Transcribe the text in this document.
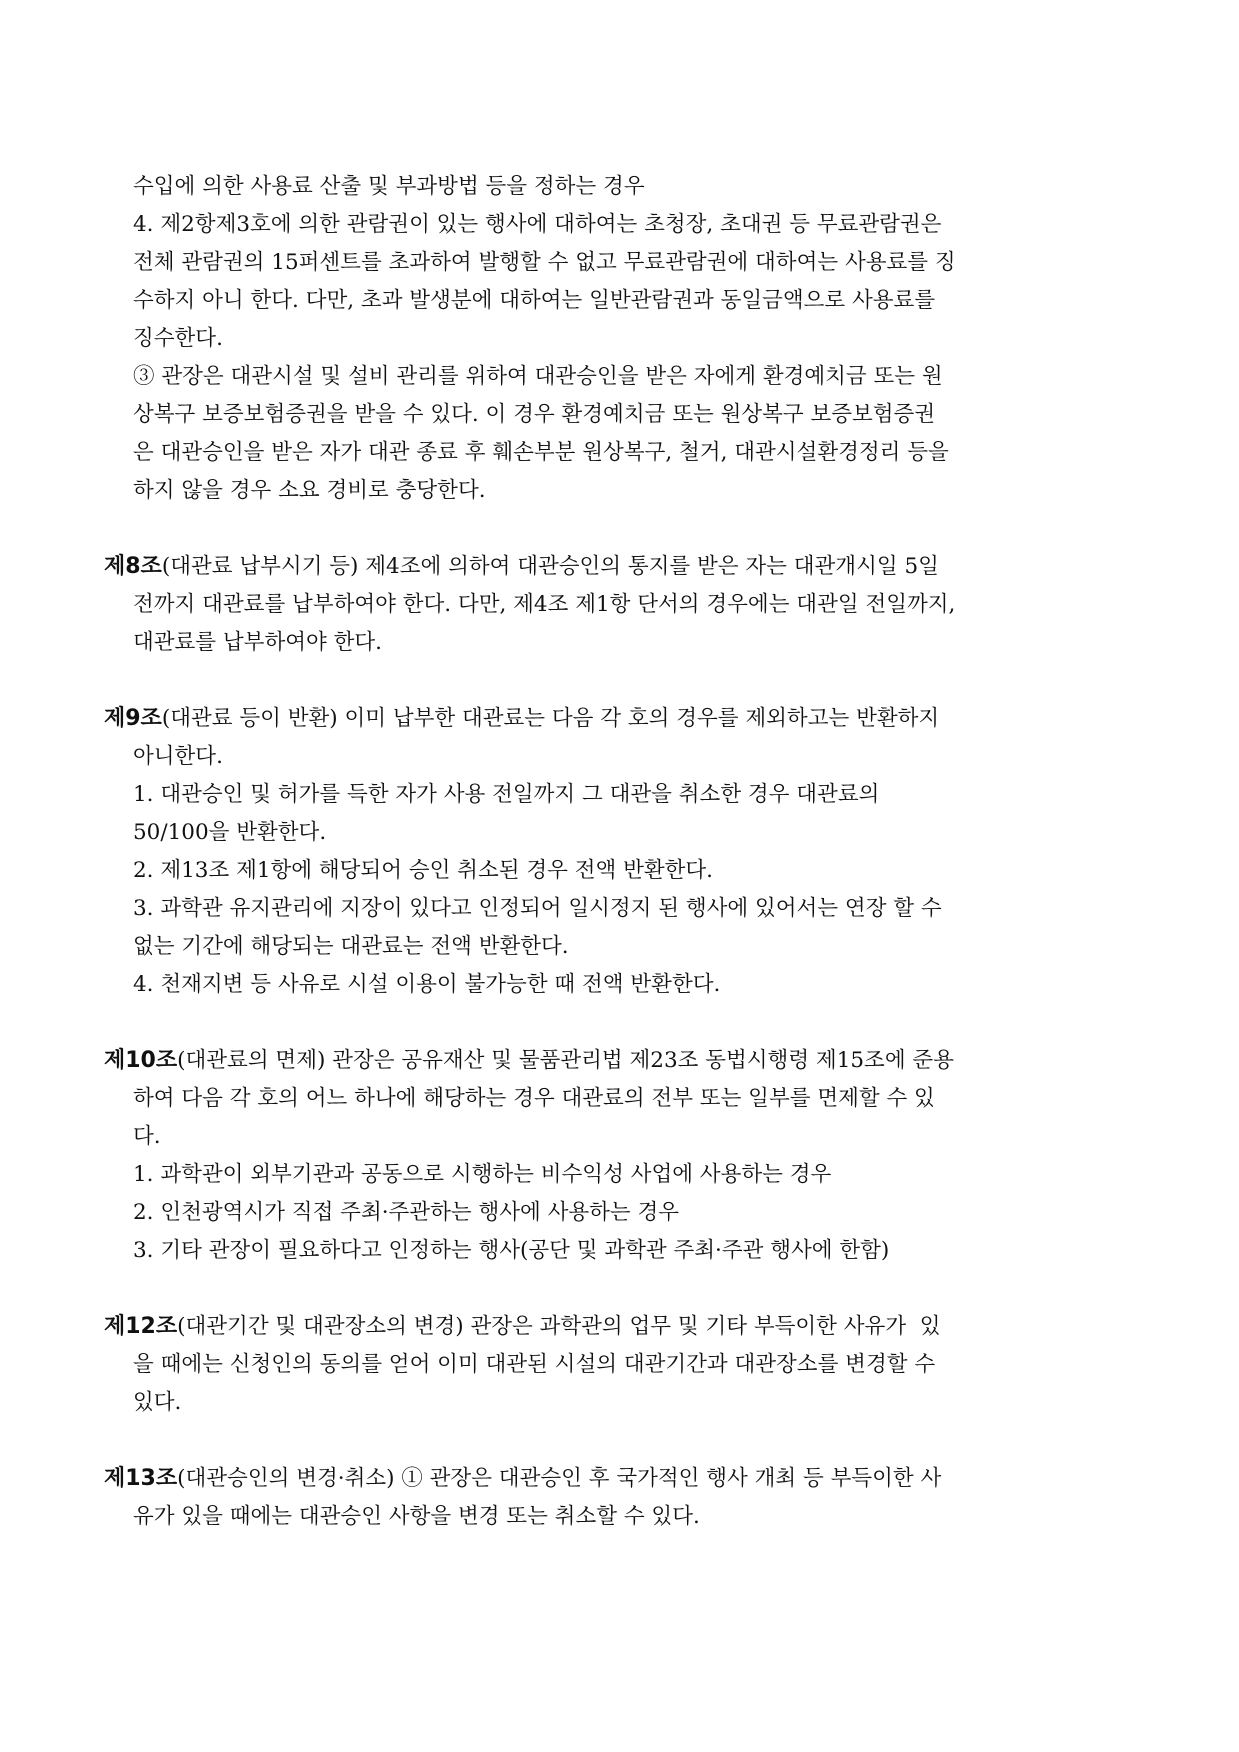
수입에 의한 사용료 산출 및 부과방법 등을 정하는 경우
4. 제2항제3호에 의한 관람권이 있는 행사에 대하여는 초청장, 초대권 등 무료관람권은
전체 관람권의 15퍼센트를 초과하여 발행할 수 없고 무료관람권에 대하여는 사용료를 징
수하지 아니 한다. 다만, 초과 발생분에 대하여는 일반관람권과 동일금액으로 사용료를
징수한다.
③ 관장은 대관시설 및 설비 관리를 위하여 대관승인을 받은 자에게 환경예치금 또는 원
상복구 보증보험증권을 받을 수 있다. 이 경우 환경예치금 또는 원상복구 보증보험증권
은 대관승인을 받은 자가 대관 종료 후 훼손부분 원상복구, 철거, 대관시설환경정리 등을
하지 않을 경우 소요 경비로 충당한다.
제8조(대관료 납부시기 등) 제4조에 의하여 대관승인의 통지를 받은 자는 대관개시일 5일
전까지 대관료를 납부하여야 한다. 다만, 제4조 제1항 단서의 경우에는 대관일 전일까지,
대관료를 납부하여야 한다.
제9조(대관료 등이 반환) 이미 납부한 대관료는 다음 각 호의 경우를 제외하고는 반환하지
아니한다.
1. 대관승인 및 허가를 득한 자가 사용 전일까지 그 대관을 취소한 경우 대관료의
50/100을 반환한다.
2. 제13조 제1항에 해당되어 승인 취소된 경우 전액 반환한다.
3. 과학관 유지관리에 지장이 있다고 인정되어 일시정지 된 행사에 있어서는 연장 할 수
없는 기간에 해당되는 대관료는 전액 반환한다.
4. 천재지변 등 사유로 시설 이용이 불가능한 때 전액 반환한다.
제10조(대관료의 면제) 관장은 공유재산 및 물품관리법 제23조 동법시행령 제15조에 준용
하여 다음 각 호의 어느 하나에 해당하는 경우 대관료의 전부 또는 일부를 면제할 수 있
다.
1. 과학관이 외부기관과 공동으로 시행하는 비수익성 사업에 사용하는 경우
2. 인천광역시가 직접 주최·주관하는 행사에 사용하는 경우
3. 기타 관장이 필요하다고 인정하는 행사(공단 및 과학관 주최·주관 행사에 한함)
제12조(대관기간 및 대관장소의 변경) 관장은 과학관의 업무 및 기타 부득이한 사유가  있
을 때에는 신청인의 동의를 얻어 이미 대관된 시설의 대관기간과 대관장소를 변경할 수
있다.
제13조(대관승인의 변경·취소) ① 관장은 대관승인 후 국가적인 행사 개최 등 부득이한 사
유가 있을 때에는 대관승인 사항을 변경 또는 취소할 수 있다.
